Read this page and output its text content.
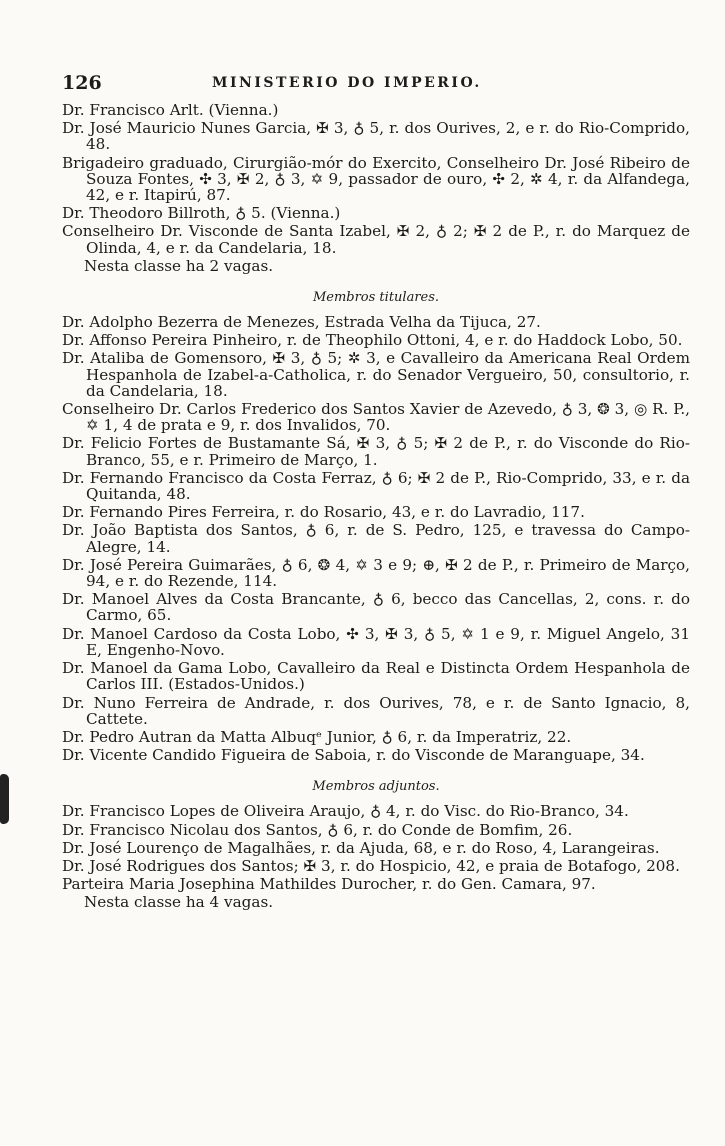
126	MINISTERIO DO IMPERIO.

Dr. Francisco Arlt. (Vienna.)

Dr. José Mauricio Nunes Garcia, ✠ 3, ♁ 5, r. dos Ourives, 2, e r. do Rio-Comprido, 48.

Brigadeiro graduado, Cirurgião-mór do Exercito, Conselheiro Dr. José Ribeiro de Souza Fontes, ✣ 3, ✠ 2, ♁ 3, ✡ 9, passador de ouro, ✣ 2, ✲ 4, r. da Alfandega, 42, e r. Itapirú, 87.

Dr. Theodoro Billroth, ♁ 5. (Vienna.)

Conselheiro Dr. Visconde de Santa Izabel, ✠ 2, ♁ 2; ✠ 2 de P., r. do Marquez de Olinda, 4, e r. da Candelaria, 18.

Nesta classe ha 2 vagas.

Membros titulares.

Dr. Adolpho Bezerra de Menezes, Estrada Velha da Tijuca, 27.

Dr. Affonso Pereira Pinheiro, r. de Theophilo Ottoni, 4, e r. do Haddock Lobo, 50.

Dr. Ataliba de Gomensoro, ✠ 3, ♁ 5; ✲ 3, e Cavalleiro da Americana Real Ordem Hespanhola de Izabel-a-Catholica, r. do Senador Vergueiro, 50, consultorio, r. da Candelaria, 18.

Conselheiro Dr. Carlos Frederico dos Santos Xavier de Azevedo, ♁ 3, ❂ 3, ◎ R. P., ✡ 1, 4 de prata e 9, r. dos Invalidos, 70.

Dr. Felicio Fortes de Bustamante Sá, ✠ 3, ♁ 5; ✠ 2 de P., r. do Visconde do Rio-Branco, 55, e r. Primeiro de Março, 1.

Dr. Fernando Francisco da Costa Ferraz, ♁ 6; ✠ 2 de P., Rio-Comprido, 33, e r. da Quitanda, 48.

Dr. Fernando Pires Ferreira, r. do Rosario, 43, e r. do Lavradio, 117.

Dr. João Baptista dos Santos, ♁ 6, r. de S. Pedro, 125, e travessa do Campo-Alegre, 14.

Dr. José Pereira Guimarães, ♁ 6, ❂ 4, ✡ 3 e 9; ⊕, ✠ 2 de P., r. Primeiro de Março, 94, e r. do Rezende, 114.

Dr. Manoel Alves da Costa Brancante, ♁ 6, becco das Cancellas, 2, cons. r. do Carmo, 65.

Dr. Manoel Cardoso da Costa Lobo, ✣ 3, ✠ 3, ♁ 5, ✡ 1 e 9, r. Miguel Angelo, 31 E, Engenho-Novo.

Dr. Manoel da Gama Lobo, Cavalleiro da Real e Distincta Ordem Hespanhola de Carlos III. (Estados-Unidos.)

Dr. Nuno Ferreira de Andrade, r. dos Ourives, 78, e r. de Santo Ignacio, 8, Cattete.

Dr. Pedro Autran da Matta Albuqᵉ Junior, ♁ 6, r. da Imperatriz, 22.

Dr. Vicente Candido Figueira de Saboia, r. do Visconde de Maranguape, 34.

Membros adjuntos.

Dr. Francisco Lopes de Oliveira Araujo, ♁ 4, r. do Visc. do Rio-Branco, 34.

Dr. Francisco Nicolau dos Santos, ♁ 6, r. do Conde de Bomfim, 26.

Dr. José Lourenço de Magalhães, r. da Ajuda, 68, e r. do Roso, 4, Larangeiras.

Dr. José Rodrigues dos Santos; ✠ 3, r. do Hospicio, 42, e praia de Botafogo, 208.

Parteira Maria Josephina Mathildes Durocher, r. do Gen. Camara, 97.

Nesta classe ha 4 vagas.
